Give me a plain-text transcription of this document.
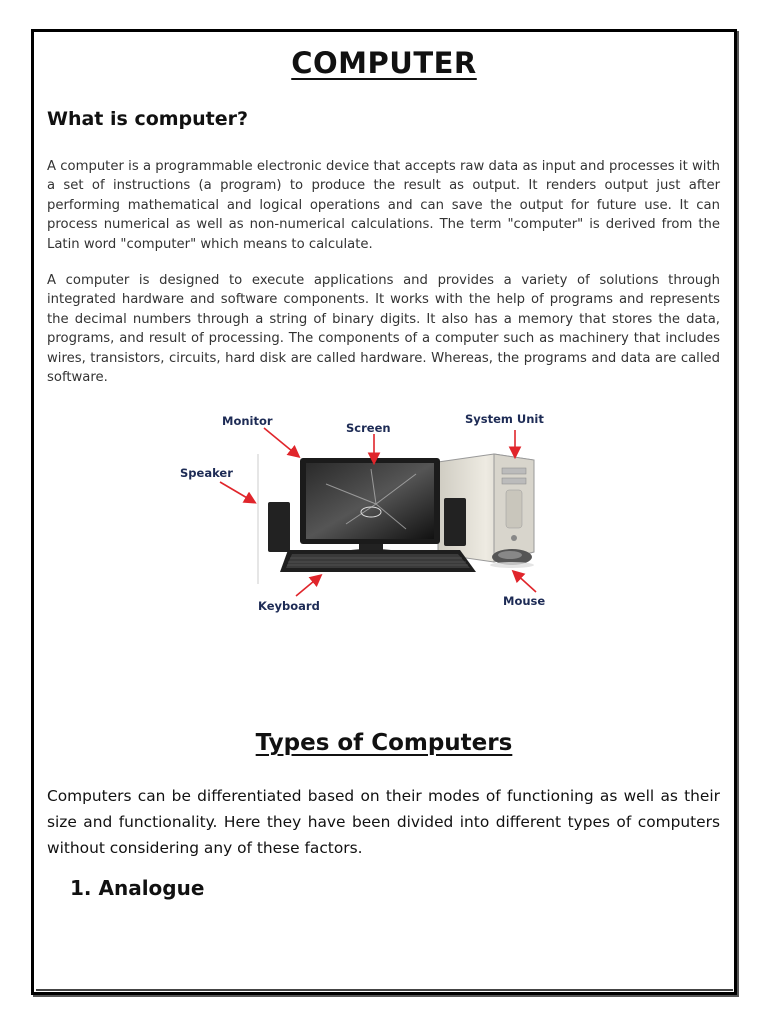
COMPUTER
What is computer?

A computer is a programmable electronic device that accepts raw data as input and processes it with a set of instructions (a program) to produce the result as output. It renders output just after performing mathematical and logical operations and can save the output for future use. It can process numerical as well as non-numerical calculations. The term "computer" is derived from the Latin word "computer" which means to calculate.

A computer is designed to execute applications and provides a variety of solutions through integrated hardware and software components. It works with the help of programs and represents the decimal numbers through a string of binary digits. It also has a memory that stores the data, programs, and result of processing. The components of a computer such as machinery that includes wires, transistors, circuits, hard disk are called hardware. Whereas, the programs and data are called software.

Monitor	Screen
System Unit
Speaker
Keyboard	Mouse
Types of Computers

Computers can be differentiated based on their modes of functioning as well as their size and functionality. Here they have been divided into different types of computers without considering any of these factors.

1. Analogue
